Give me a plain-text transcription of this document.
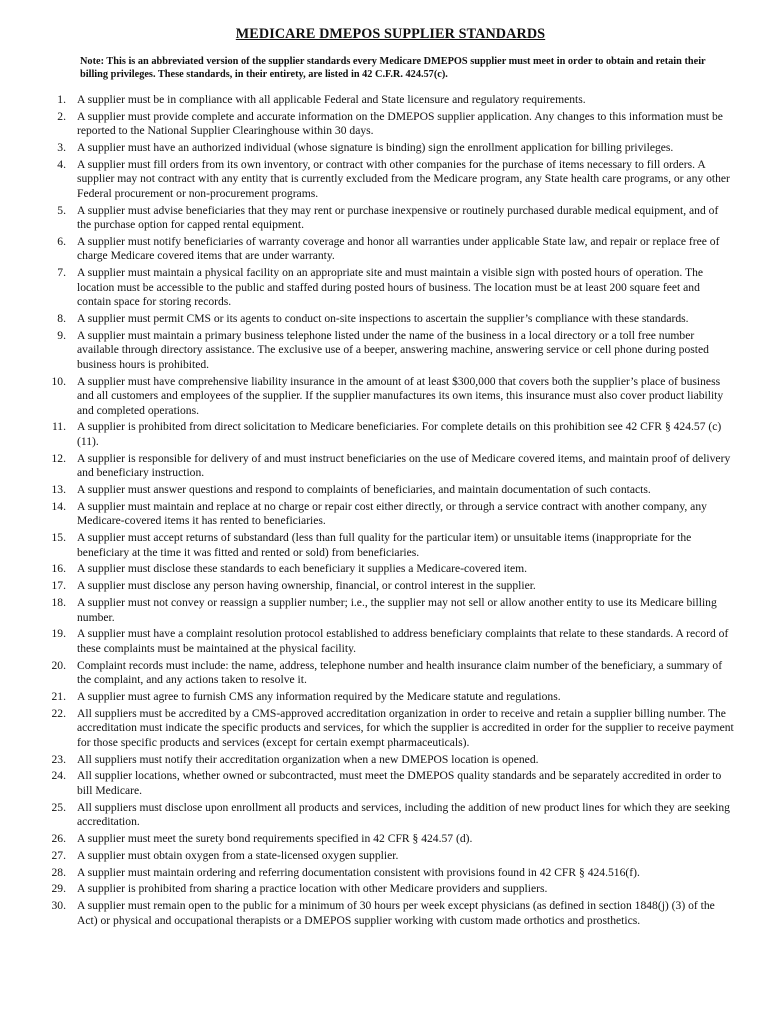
MEDICARE DMEPOS SUPPLIER STANDARDS
Note: This is an abbreviated version of the supplier standards every Medicare DMEPOS supplier must meet in order to obtain and retain their billing privileges. These standards, in their entirety, are listed in 42 C.F.R. 424.57(c).
1. A supplier must be in compliance with all applicable Federal and State licensure and regulatory requirements.
2. A supplier must provide complete and accurate information on the DMEPOS supplier application. Any changes to this information must be reported to the National Supplier Clearinghouse within 30 days.
3. A supplier must have an authorized individual (whose signature is binding) sign the enrollment application for billing privileges.
4. A supplier must fill orders from its own inventory, or contract with other companies for the purchase of items necessary to fill orders. A supplier may not contract with any entity that is currently excluded from the Medicare program, any State health care programs, or any other Federal procurement or non-procurement programs.
5. A supplier must advise beneficiaries that they may rent or purchase inexpensive or routinely purchased durable medical equipment, and of the purchase option for capped rental equipment.
6. A supplier must notify beneficiaries of warranty coverage and honor all warranties under applicable State law, and repair or replace free of charge Medicare covered items that are under warranty.
7. A supplier must maintain a physical facility on an appropriate site and must maintain a visible sign with posted hours of operation. The location must be accessible to the public and staffed during posted hours of business. The location must be at least 200 square feet and contain space for storing records.
8. A supplier must permit CMS or its agents to conduct on-site inspections to ascertain the supplier’s compliance with these standards.
9. A supplier must maintain a primary business telephone listed under the name of the business in a local directory or a toll free number available through directory assistance. The exclusive use of a beeper, answering machine, answering service or cell phone during posted business hours is prohibited.
10. A supplier must have comprehensive liability insurance in the amount of at least $300,000 that covers both the supplier’s place of business and all customers and employees of the supplier. If the supplier manufactures its own items, this insurance must also cover product liability and completed operations.
11. A supplier is prohibited from direct solicitation to Medicare beneficiaries. For complete details on this prohibition see 42 CFR § 424.57 (c) (11).
12. A supplier is responsible for delivery of and must instruct beneficiaries on the use of Medicare covered items, and maintain proof of delivery and beneficiary instruction.
13. A supplier must answer questions and respond to complaints of beneficiaries, and maintain documentation of such contacts.
14. A supplier must maintain and replace at no charge or repair cost either directly, or through a service contract with another company, any Medicare-covered items it has rented to beneficiaries.
15. A supplier must accept returns of substandard (less than full quality for the particular item) or unsuitable items (inappropriate for the beneficiary at the time it was fitted and rented or sold) from beneficiaries.
16. A supplier must disclose these standards to each beneficiary it supplies a Medicare-covered item.
17. A supplier must disclose any person having ownership, financial, or control interest in the supplier.
18. A supplier must not convey or reassign a supplier number; i.e., the supplier may not sell or allow another entity to use its Medicare billing number.
19. A supplier must have a complaint resolution protocol established to address beneficiary complaints that relate to these standards. A record of these complaints must be maintained at the physical facility.
20. Complaint records must include: the name, address, telephone number and health insurance claim number of the beneficiary, a summary of the complaint, and any actions taken to resolve it.
21. A supplier must agree to furnish CMS any information required by the Medicare statute and regulations.
22. All suppliers must be accredited by a CMS-approved accreditation organization in order to receive and retain a supplier billing number. The accreditation must indicate the specific products and services, for which the supplier is accredited in order for the supplier to receive payment for those specific products and services (except for certain exempt pharmaceuticals).
23. All suppliers must notify their accreditation organization when a new DMEPOS location is opened.
24. All supplier locations, whether owned or subcontracted, must meet the DMEPOS quality standards and be separately accredited in order to bill Medicare.
25. All suppliers must disclose upon enrollment all products and services, including the addition of new product lines for which they are seeking accreditation.
26. A supplier must meet the surety bond requirements specified in 42 CFR § 424.57 (d).
27. A supplier must obtain oxygen from a state-licensed oxygen supplier.
28. A supplier must maintain ordering and referring documentation consistent with provisions found in 42 CFR § 424.516(f).
29. A supplier is prohibited from sharing a practice location with other Medicare providers and suppliers.
30. A supplier must remain open to the public for a minimum of 30 hours per week except physicians (as defined in section 1848(j) (3) of the Act) or physical and occupational therapists or a DMEPOS supplier working with custom made orthotics and prosthetics.
